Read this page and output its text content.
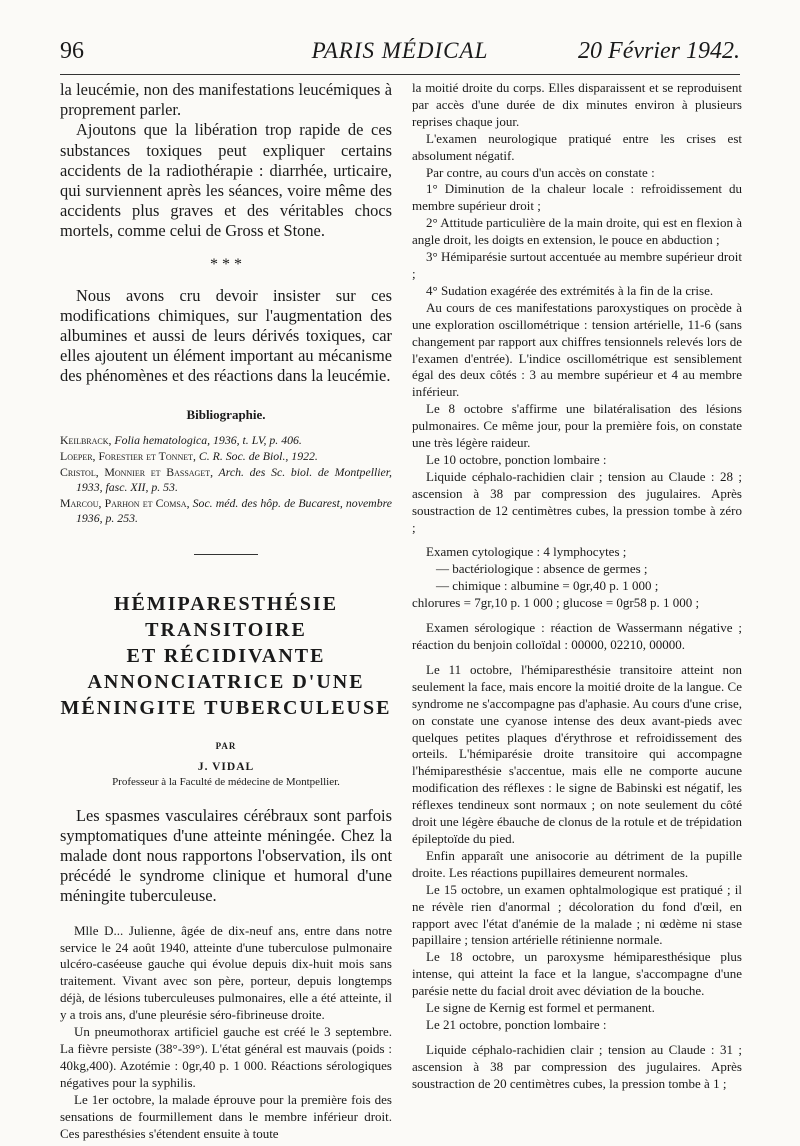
96	PARIS MÉDICAL	20 Février 1942.

la leucémie, non des manifestations leucémiques à proprement parler.

Ajoutons que la libération trop rapide de ces substances toxiques peut expliquer certains accidents de la radiothérapie : diarrhée, urticaire, qui surviennent après les séances, voire même des accidents plus graves et des véritables chocs mortels, comme celui de Gross et Stone.

* * *

Nous avons cru devoir insister sur ces modifications chimiques, sur l'augmentation des albumines et aussi de leurs dérivés toxiques, car elles ajoutent un élément important au mécanisme des phénomènes et des réactions dans la leucémie.

Bibliographie.

Keilbrack, Folia hematologica, 1936, t. LV, p. 406.

Loeper, Forestier et Tonnet, C. R. Soc. de Biol., 1922.

Cristol, Monnier et Bassaget, Arch. des Sc. biol. de Montpellier, 1933, fasc. XII, p. 53.

Marcou, Parhon et Comsa, Soc. méd. des hôp. de Bucarest, novembre 1936, p. 253.

HÉMIPARESTHÉSIE

TRANSITOIRE

ET RÉCIDIVANTE

ANNONCIATRICE D'UNE

MÉNINGITE TUBERCULEUSE

PAR
J. VIDAL
Professeur à la Faculté de médecine de Montpellier.

Les spasmes vasculaires cérébraux sont parfois symptomatiques d'une atteinte méningée. Chez la malade dont nous rapportons l'observation, ils ont précédé le syndrome clinique et humoral d'une méningite tuberculeuse.

Mlle D... Julienne, âgée de dix-neuf ans, entre dans notre service le 24 août 1940, atteinte d'une tuberculose pulmonaire ulcéro-caséeuse gauche qui évolue depuis dix-huit mois sans traitement. Vivant avec son père, porteur, depuis longtemps déjà, de lésions tuberculeuses pulmonaires, elle a été atteinte, il y a trois ans, d'une pleurésie séro-fibrineuse droite.

Un pneumothorax artificiel gauche est créé le 3 septembre. La fièvre persiste (38°-39°). L'état général est mauvais (poids : 40kg,400). Azotémie : 0gr,40 p. 1 000. Réactions sérologiques négatives pour la syphilis.

Le 1er octobre, la malade éprouve pour la première fois des sensations de fourmillement dans le membre inférieur droit. Ces paresthésies s'étendent ensuite à toute

la moitié droite du corps. Elles disparaissent et se reproduisent par accès d'une durée de dix minutes environ à plusieurs reprises chaque jour.

L'examen neurologique pratiqué entre les crises est absolument négatif.

Par contre, au cours d'un accès on constate :

1° Diminution de la chaleur locale : refroidissement du membre supérieur droit ;

2° Attitude particulière de la main droite, qui est en flexion à angle droit, les doigts en extension, le pouce en abduction ;

3° Hémiparésie surtout accentuée au membre supérieur droit ;

4° Sudation exagérée des extrémités à la fin de la crise.

Au cours de ces manifestations paroxystiques on procède à une exploration oscillométrique : tension artérielle, 11-6 (sans changement par rapport aux chiffres tensionnels relevés lors de l'examen d'entrée). L'indice oscillométrique est sensiblement égal des deux côtés : 3 au membre supérieur et 4 au membre inférieur.

Le 8 octobre s'affirme une bilatéralisation des lésions pulmonaires. Ce même jour, pour la première fois, on constate une très légère raideur.

Le 10 octobre, ponction lombaire :

Liquide céphalo-rachidien clair ; tension au Claude : 28 ; ascension à 38 par compression des jugulaires. Après soustraction de 12 centimètres cubes, la pression tombe à zéro ;

Examen cytologique : 4 lymphocytes ;
— bactériologique : absence de germes ;
— chimique : albumine = 0gr,40 p. 1 000 ;
chlorures = 7gr,10 p. 1 000 ; glucose = 0gr58 p. 1 000 ;

Examen sérologique : réaction de Wassermann négative ; réaction du benjoin colloïdal : 00000, 02210, 00000.

Le 11 octobre, l'hémiparesthésie transitoire atteint non seulement la face, mais encore la moitié droite de la langue. Ce syndrome ne s'accompagne pas d'aphasie. Au cours d'une crise, on constate une cyanose intense des deux avant-pieds avec quelques petites plaques d'érythrose et refroidissement des orteils. L'hémiparésie droite transitoire qui accompagne l'hémiparesthésie s'accentue, mais elle ne comporte aucune modification des réflexes : le signe de Babinski est négatif, les réflexes tendineux sont normaux ; on note seulement du côté droit une légère ébauche de clonus de la rotule et de trépidation épileptoïde du pied.

Enfin apparaît une anisocorie au détriment de la pupille droite. Les réactions pupillaires demeurent normales.

Le 15 octobre, un examen ophtalmologique est pratiqué ; il ne révèle rien d'anormal ; décoloration du fond d'œil, en rapport avec l'état d'anémie de la malade ; ni œdème ni stase papillaire ; tension artérielle rétinienne normale.

Le 18 octobre, un paroxysme hémiparesthésique plus intense, qui atteint la face et la langue, s'accompagne d'une parésie nette du facial droit avec déviation de la bouche.

Le signe de Kernig est formel et permanent.

Le 21 octobre, ponction lombaire :

Liquide céphalo-rachidien clair ; tension au Claude : 31 ; ascension à 38 par compression des jugulaires. Après soustraction de 20 centimètres cubes, la pression tombe à 1 ;
